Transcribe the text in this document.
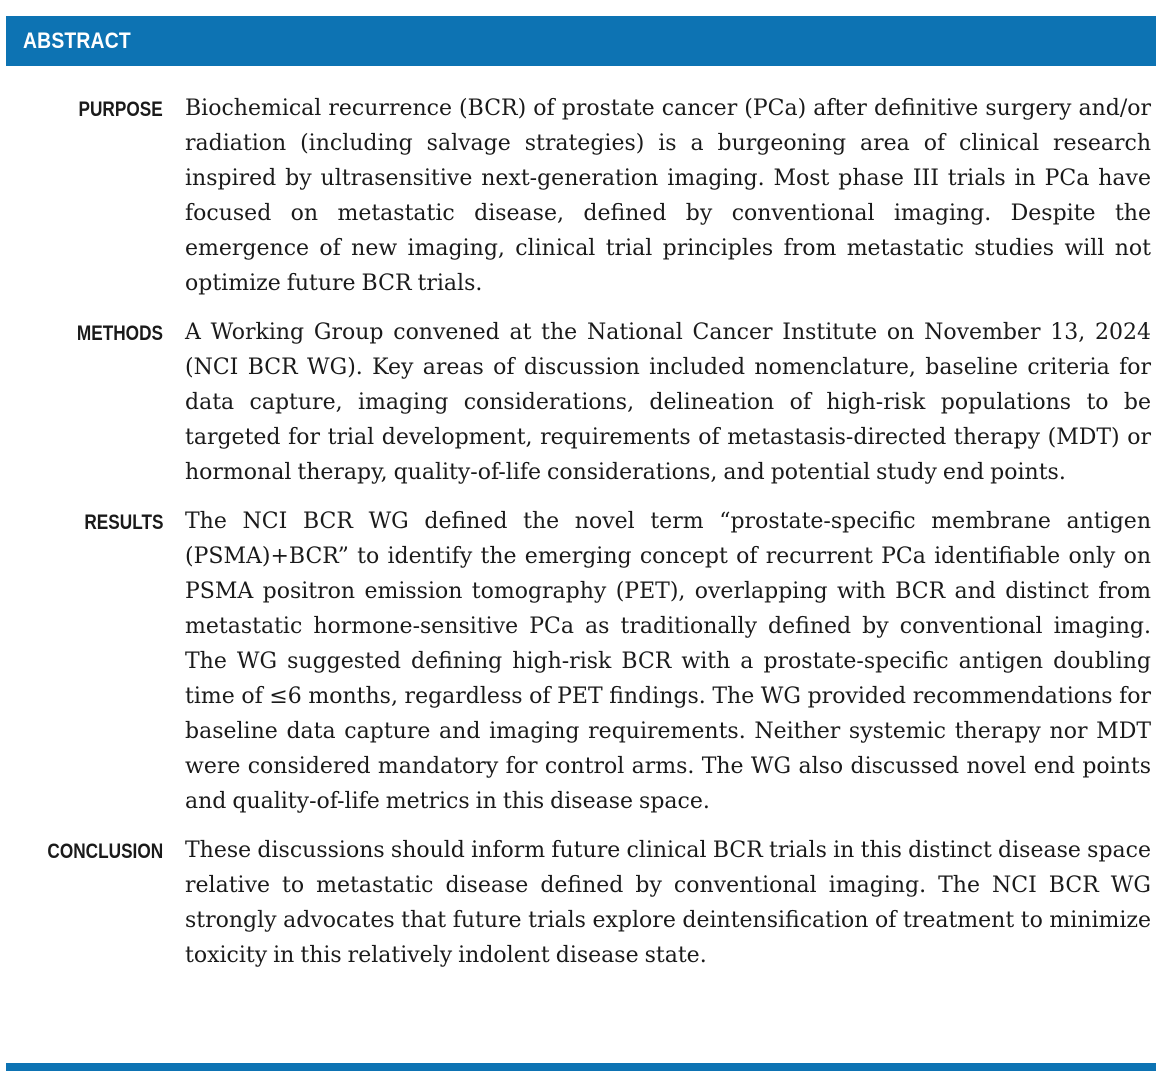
ABSTRACT
PURPOSE Biochemical recurrence (BCR) of prostate cancer (PCa) after definitive surgery and/or radiation (including salvage strategies) is a burgeoning area of clinical research inspired by ultrasensitive next-generation imaging. Most phase III trials in PCa have focused on metastatic disease, defined by conventional imaging. Despite the emergence of new imaging, clinical trial principles from metastatic studies will not optimize future BCR trials.
METHODS A Working Group convened at the National Cancer Institute on November 13, 2024 (NCI BCR WG). Key areas of discussion included nomenclature, baseline criteria for data capture, imaging considerations, delineation of high-risk populations to be targeted for trial development, requirements of metastasis-directed therapy (MDT) or hormonal therapy, quality-of-life considerations, and potential study end points.
RESULTS The NCI BCR WG defined the novel term “prostate-specific membrane antigen (PSMA)+BCR” to identify the emerging concept of recurrent PCa identifiable only on PSMA positron emission tomography (PET), overlapping with BCR and distinct from metastatic hormone-sensitive PCa as traditionally defined by conventional imaging. The WG suggested defining high-risk BCR with a prostate-specific antigen doubling time of ≤6 months, regardless of PET findings. The WG provided recommendations for baseline data capture and imaging requirements. Neither systemic therapy nor MDT were considered mandatory for control arms. The WG also discussed novel end points and quality-of-life metrics in this disease space.
CONCLUSION These discussions should inform future clinical BCR trials in this distinct disease space relative to metastatic disease defined by conventional imaging. The NCI BCR WG strongly advocates that future trials explore deintensification of treatment to minimize toxicity in this relatively indolent disease state.
